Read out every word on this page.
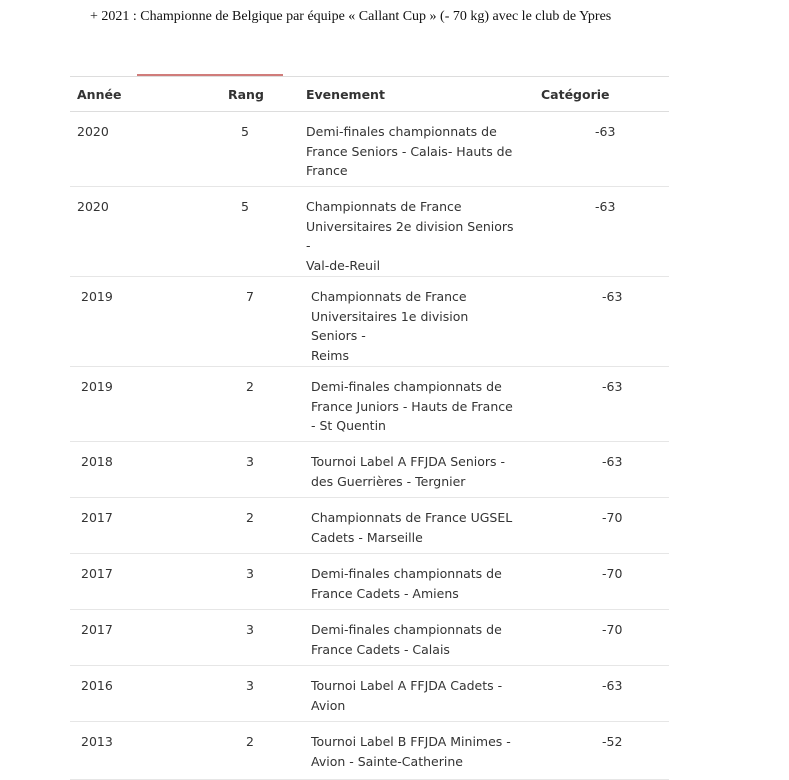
+ 2021 : Championne de Belgique par équipe « Callant Cup » (- 70 kg) avec le club de Ypres
Année	Rang	Evenement	Catégorie
2020	5	Demi-finales championnats de
France Seniors - Calais- Hauts de
France	-63
2020	5	Championnats de France
Universitaires 2e division Seniors -
Val-de-Reuil	-63
2019	7	Championnats de France
Universitaires 1e division Seniors -
Reims	-63
2019	2	Demi-finales championnats de
France Juniors - Hauts de France
- St Quentin	-63
2018	3	Tournoi Label A FFJDA Seniors -
des Guerrières - Tergnier	-63
2017	2	Championnats de France UGSEL
Cadets - Marseille	-70
2017	3	Demi-finales championnats de
France Cadets - Amiens	-70
2017	3	Demi-finales championnats de
France Cadets - Calais	-70
2016	3	Tournoi Label A FFJDA Cadets -
Avion	-63
2013	2	Tournoi Label B FFJDA Minimes -
Avion - Sainte-Catherine	-52
